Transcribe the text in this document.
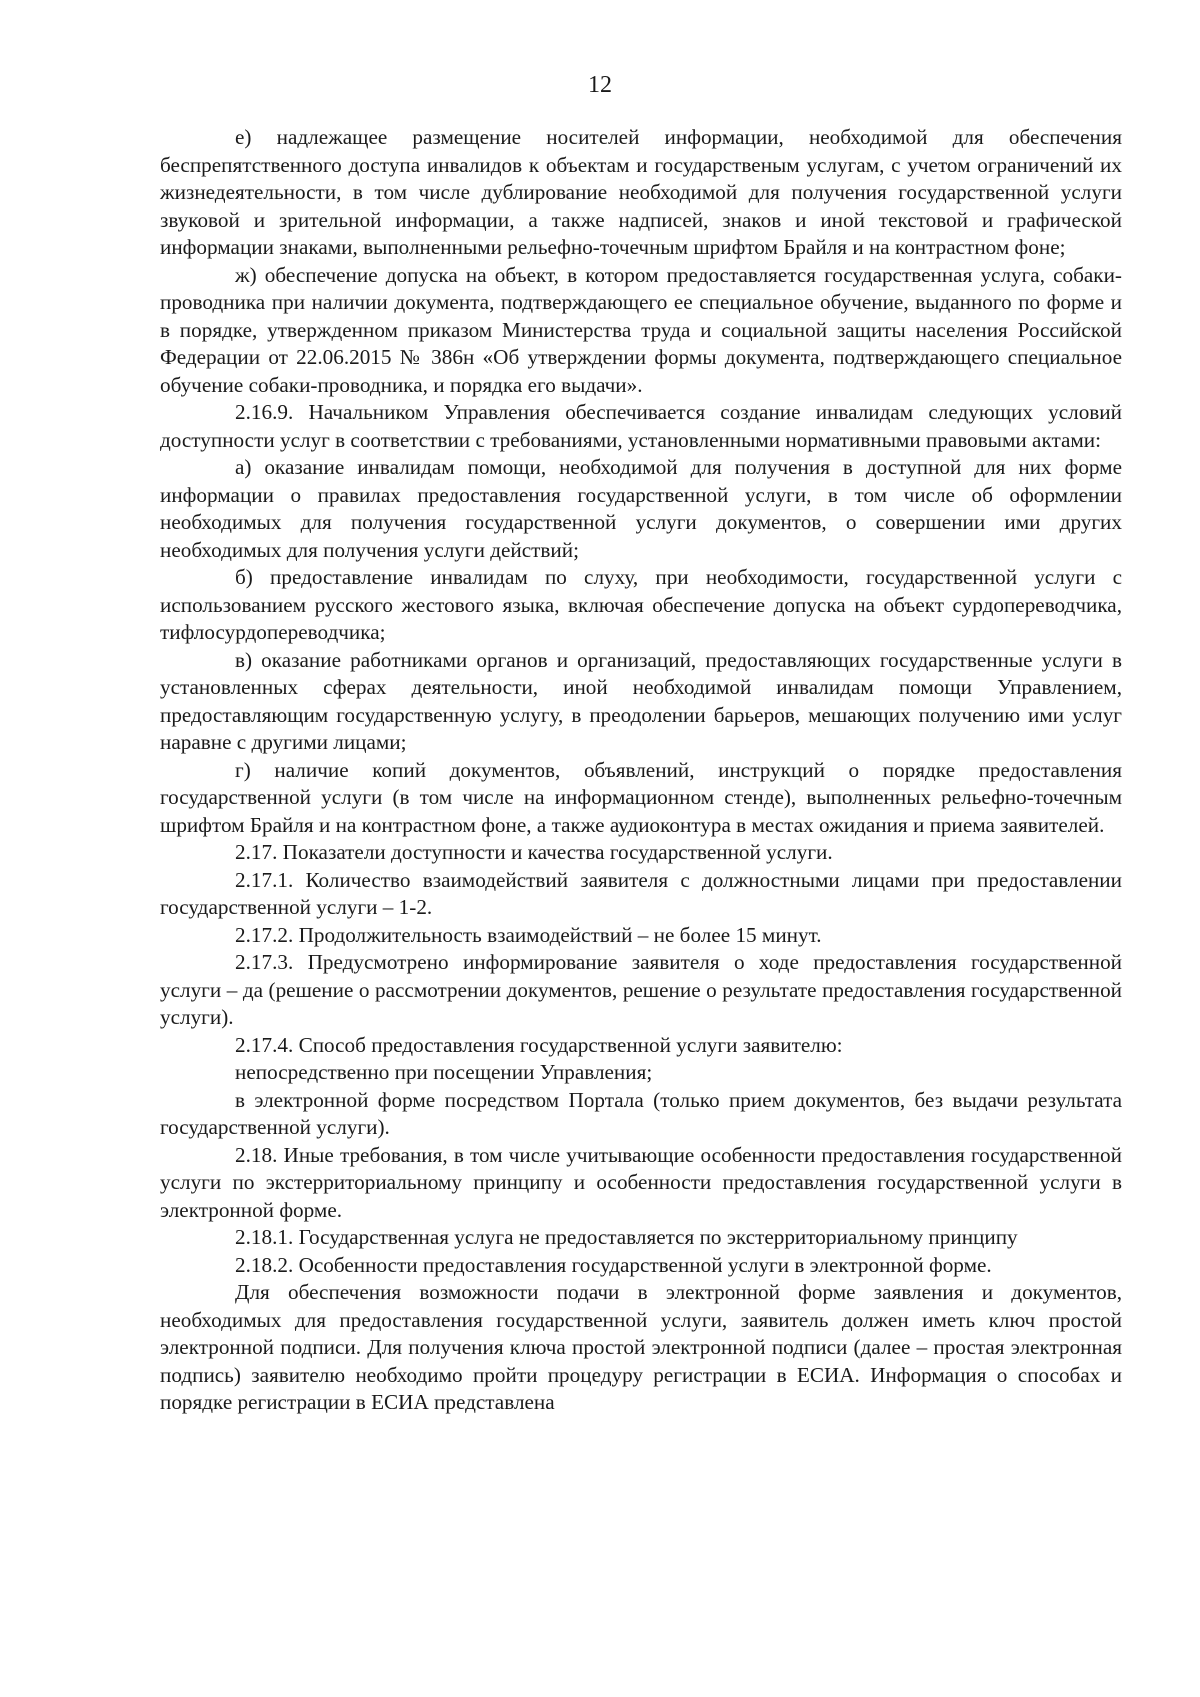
12

е) надлежащее размещение носителей информации, необходимой для обеспечения беспрепятственного доступа инвалидов к объектам и государственым услугам, с учетом ограничений их жизнедеятельности, в том числе дублирование необходимой для получения государственной услуги звуковой и зрительной информации, а также надписей, знаков и иной текстовой и графической информации знаками, выполненными рельефно-точечным шрифтом Брайля и на контрастном фоне;

ж) обеспечение допуска на объект, в котором предоставляется государственная услуга, собаки-проводника при наличии документа, подтверждающего ее специальное обучение, выданного по форме и в порядке, утвержденном приказом Министерства труда и социальной защиты населения Российской Федерации от 22.06.2015 № 386н «Об утверждении формы документа, подтверждающего специальное обучение собаки-проводника, и порядка его выдачи».

2.16.9. Начальником Управления обеспечивается создание инвалидам следующих условий доступности услуг в соответствии с требованиями, установленными нормативными правовыми актами:

а) оказание инвалидам помощи, необходимой для получения в доступной для них форме информации о правилах предоставления государственной услуги, в том числе об оформлении необходимых для получения государственной услуги документов, о совершении ими других необходимых для получения услуги действий;

б) предоставление инвалидам по слуху, при необходимости, государственной услуги с использованием русского жестового языка, включая обеспечение допуска на объект сурдопереводчика, тифлосурдопереводчика;

в) оказание работниками органов и организаций, предоставляющих государственные услуги в установленных сферах деятельности, иной необходимой инвалидам помощи Управлением, предоставляющим государственную услугу, в преодолении барьеров, мешающих получению ими услуг наравне с другими лицами;

г) наличие копий документов, объявлений, инструкций о порядке предоставления государственной услуги (в том числе на информационном стенде), выполненных рельефно-точечным шрифтом Брайля и на контрастном фоне, а также аудиоконтура в местах ожидания и приема заявителей.

2.17. Показатели доступности и качества государственной услуги.

2.17.1. Количество взаимодействий заявителя с должностными лицами при предоставлении государственной услуги – 1-2.

2.17.2. Продолжительность взаимодействий – не более 15 минут.

2.17.3. Предусмотрено информирование заявителя о ходе предоставления государственной услуги – да (решение о рассмотрении документов, решение о результате предоставления государственной услуги).

2.17.4. Способ предоставления государственной услуги заявителю:

непосредственно при посещении Управления;

в электронной форме посредством Портала (только прием документов, без выдачи результата государственной услуги).

2.18. Иные требования, в том числе учитывающие особенности предоставления государственной услуги по экстерриториальному принципу и особенности предоставления государственной услуги в электронной форме.

2.18.1. Государственная услуга не предоставляется по экстерриториальному принципу

2.18.2. Особенности предоставления государственной услуги в электронной форме.

Для обеспечения возможности подачи в электронной форме заявления и документов, необходимых для предоставления государственной услуги, заявитель должен иметь ключ простой электронной подписи. Для получения ключа простой электронной подписи (далее – простая электронная подпись) заявителю необходимо пройти процедуру регистрации в ЕСИА. Информация о способах и порядке регистрации в ЕСИА представлена
